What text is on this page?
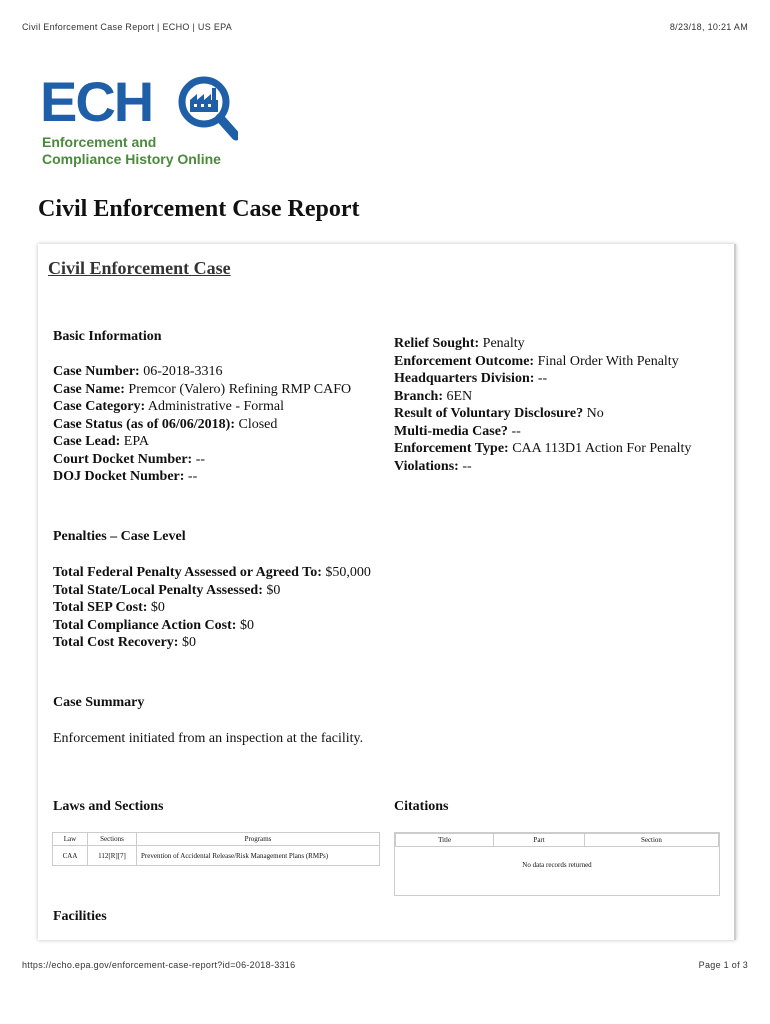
Civil Enforcement Case Report | ECHO | US EPA	8/23/18, 10:21 AM
ECH
Enforcement and
Compliance History Online
Civil Enforcement Case Report
Civil Enforcement Case
Basic Information
Case Number: 06-2018-3316
Case Name: Premcor (Valero) Refining RMP CAFO
Case Category: Administrative - Formal
Case Status (as of 06/06/2018): Closed
Case Lead: EPA
Court Docket Number: --
DOJ Docket Number: --
Relief Sought: Penalty
Enforcement Outcome: Final Order With Penalty
Headquarters Division: --
Branch: 6EN
Result of Voluntary Disclosure? No
Multi-media Case? --
Enforcement Type: CAA 113D1 Action For Penalty
Violations: --
Penalties – Case Level
Total Federal Penalty Assessed or Agreed To: $50,000
Total State/Local Penalty Assessed: $0
Total SEP Cost: $0
Total Compliance Action Cost: $0
Total Cost Recovery: $0
Case Summary
Enforcement initiated from an inspection at the facility.
Laws and Sections	Citations
Law	Sections	Programs
CAA	112[R][7]	Prevention of Accidental Release/Risk Management Plans (RMPs)
Title	Part	Section
No data records returned
Facilities
https://echo.epa.gov/enforcement-case-report?id=06-2018-3316	Page 1 of 3
